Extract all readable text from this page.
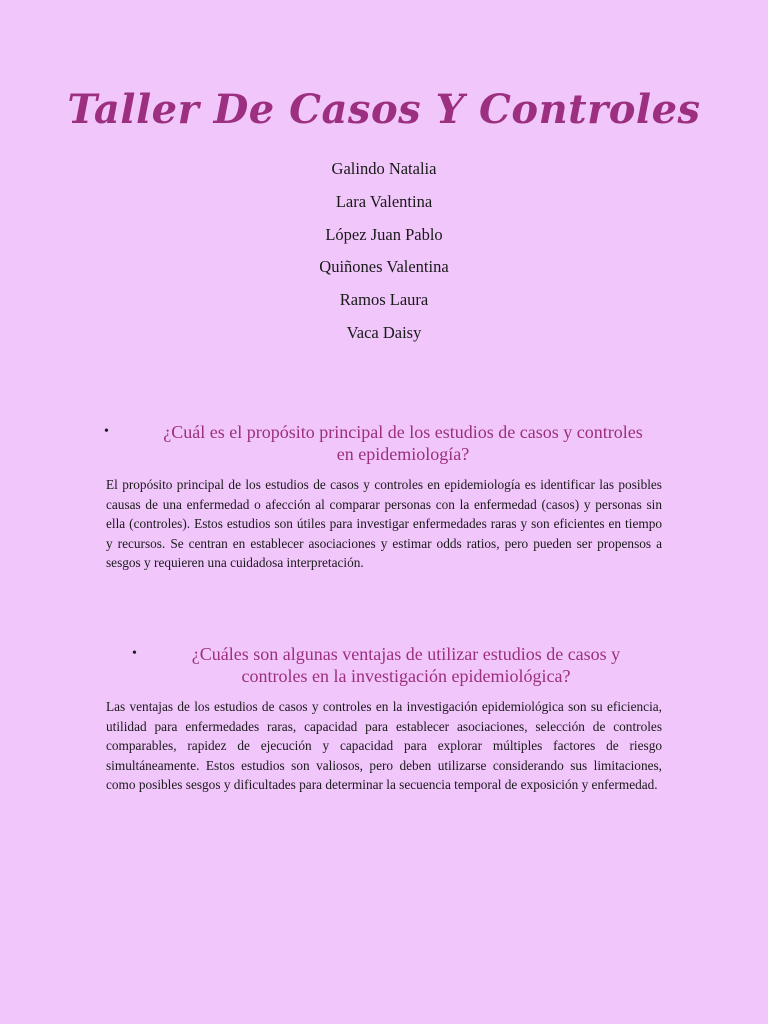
Taller De Casos Y Controles
Galindo Natalia
Lara Valentina
López Juan Pablo
Quiñones Valentina
Ramos Laura
Vaca Daisy
•	¿Cuál es el propósito principal de los estudios de casos y controles
en epidemiología?

El propósito principal de los estudios de casos y controles en epidemiología es identificar las posibles causas de una enfermedad o afección al comparar personas con la enfermedad (casos) y personas sin ella (controles). Estos estudios son útiles para investigar enfermedades raras y son eficientes en tiempo y recursos. Se centran en establecer asociaciones y estimar odds ratios, pero pueden ser propensos a sesgos y requieren una cuidadosa interpretación.

•	¿Cuáles son algunas ventajas de utilizar estudios de casos y
controles en la investigación epidemiológica?

Las ventajas de los estudios de casos y controles en la investigación epidemiológica son su eficiencia, utilidad para enfermedades raras, capacidad para establecer asociaciones, selección de controles comparables, rapidez de ejecución y capacidad para explorar múltiples factores de riesgo simultáneamente. Estos estudios son valiosos, pero deben utilizarse considerando sus limitaciones, como posibles sesgos y dificultades para determinar la secuencia temporal de exposición y enfermedad.
